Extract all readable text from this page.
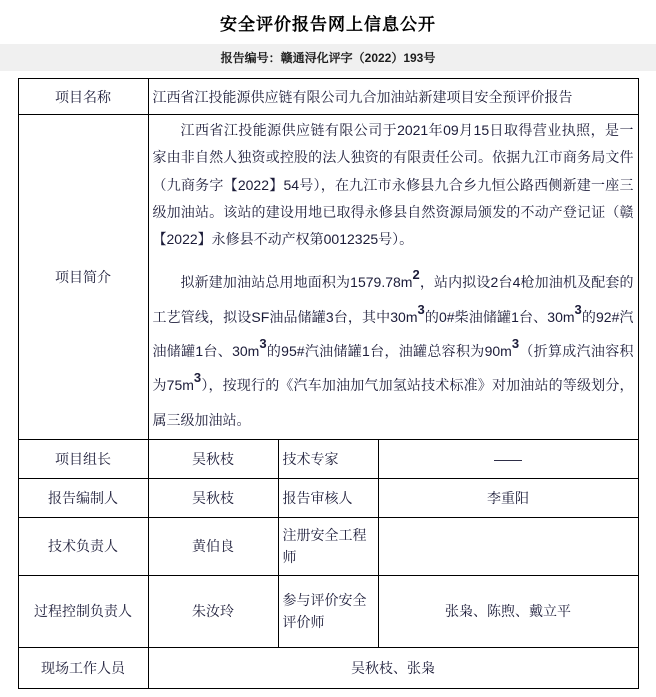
安全评价报告网上信息公开
报告编号：赣通浔化评字（2022）193号
项目名称	江西省江投能源供应链有限公司九合加油站新建项目安全预评价报告		
项目简介	江西省江投能源供应链有限公司于2021年09月15日取得营业执照，是一家由非自然人独资或控股的法人独资的有限责任公司。依据九江市商务局文件（九商务字【2022】54号），在九江市永修县九合乡九恒公路西侧新建一座三级加油站。该站的建设用地已取得永修县自然资源局颁发的不动产登记证（赣【2022】永修县不动产权第0012325号）。

拟新建加油站总用地面积为1579.78m2，站内拟设2台4枪加油机及配套的工艺管线，拟设SF油品储罐3台，其中30m3的0#柴油储罐1台、30m3的92#汽油储罐1台、30m3的95#汽油储罐1台，油罐总容积为90m3（折算成汽油容积为75m3），按现行的《汽车加油加气加氢站技术标准》对加油站的等级划分，属三级加油站。		

项目组长	吴秋枝	技术专家	——
报告编制人	吴秋枝	报告审核人	李重阳
技术负责人	黄伯良	注册安全工程师	
过程控制负责人	朱汝玲	参与评价安全评价师	张枭、陈煦、戴立平
现场工作人员	吴秋枝、张枭		
